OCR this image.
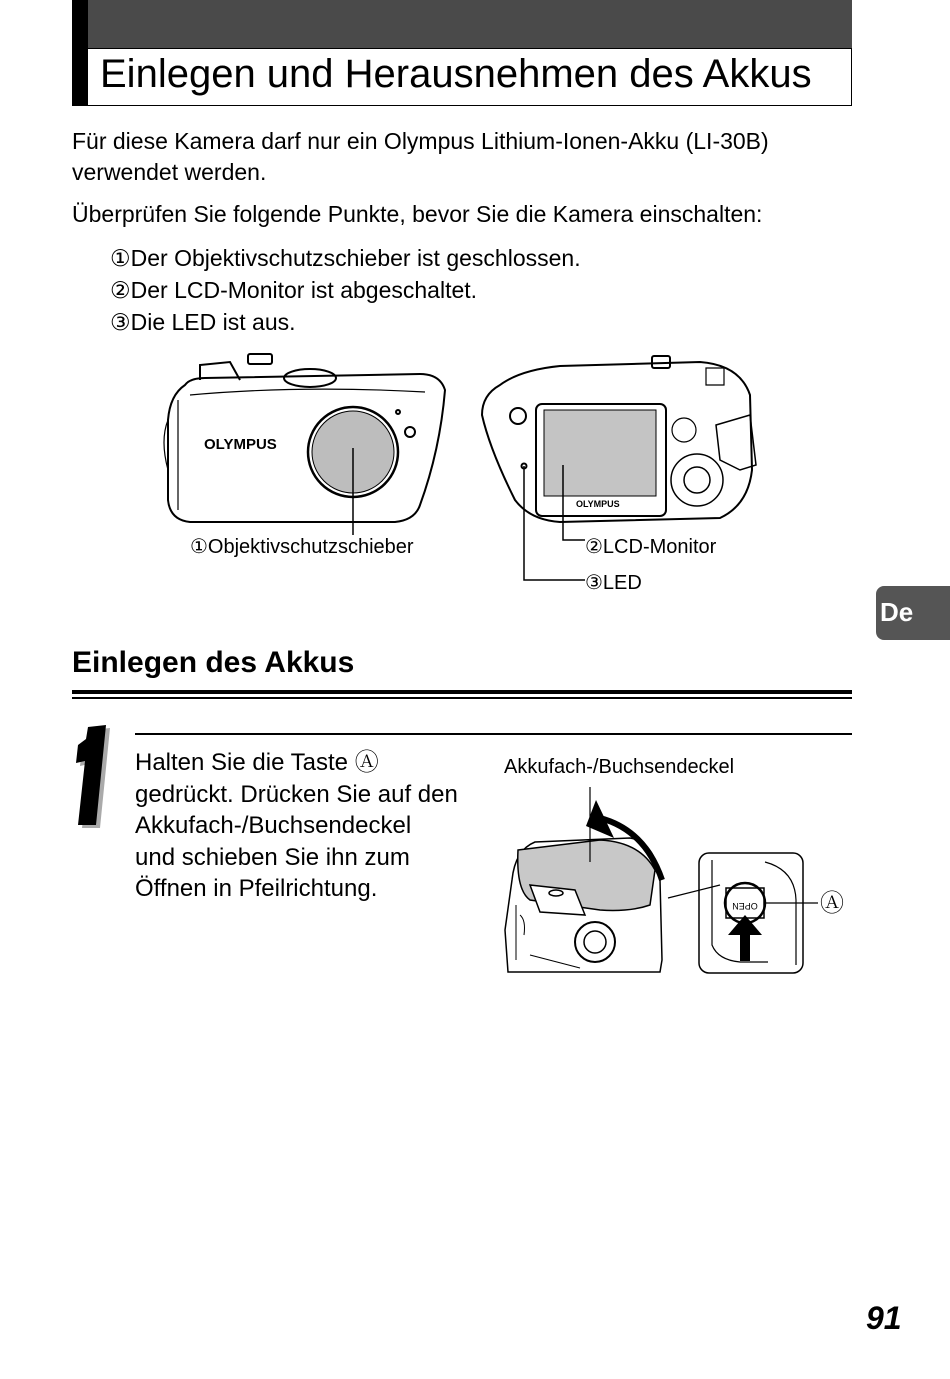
Einlegen und Herausnehmen des Akkus
Für diese Kamera darf nur ein Olympus Lithium-Ionen-Akku (LI-30B)
verwendet werden.
Überprüfen Sie folgende Punkte, bevor Sie die Kamera einschalten:
①Der Objektivschutzschieber ist geschlossen.
②Der LCD-Monitor ist abgeschaltet.
③Die LED ist aus.
OLYMPUS
OLYMPUS
①Objektivschutzschieber	②LCD-Monitor
③LED
De
Einlegen des Akkus
1
Halten Sie die Taste Ⓐ
gedrückt. Drücken Sie auf den
Akkufach-/Buchsendeckel
und schieben Sie ihn zum
Öffnen in Pfeilrichtung.
Akkufach-/Buchsendeckel
OPEN	Ⓐ
91
